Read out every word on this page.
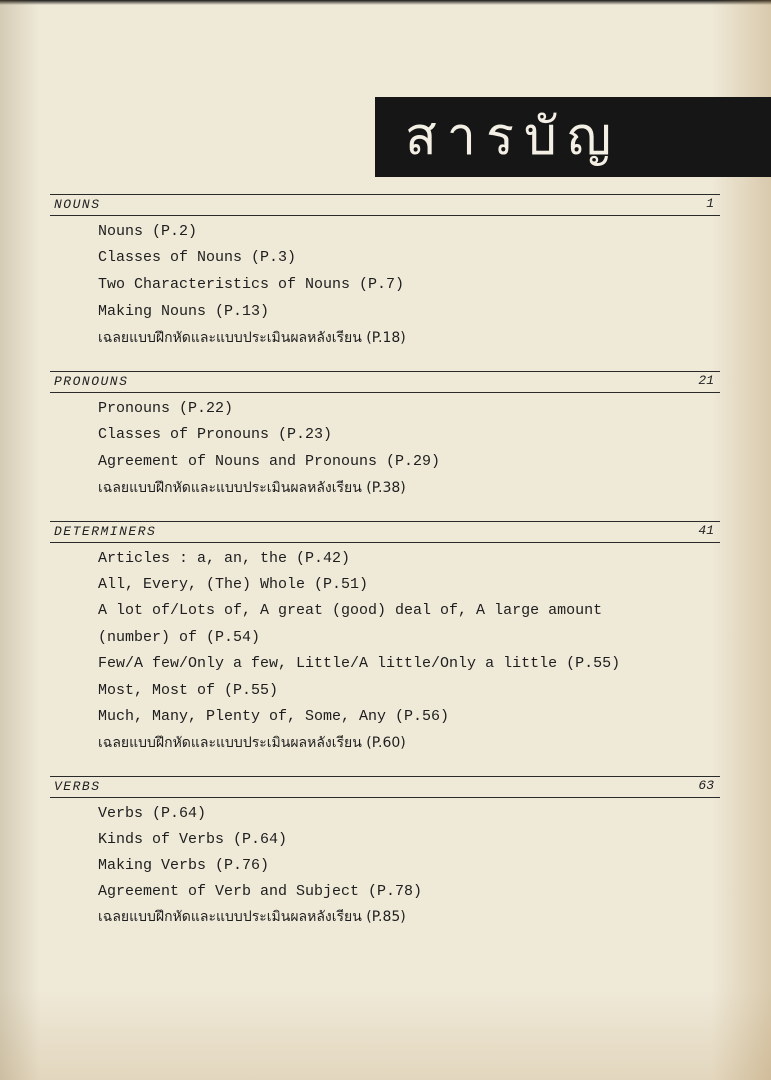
สารบัญ
NOUNS	1
Nouns (P.2)
Classes of Nouns (P.3)
Two Characteristics of Nouns (P.7)
Making Nouns (P.13)
เฉลยแบบฝึกหัดและแบบประเมินผลหลังเรียน (P.18)
PRONOUNS	21
Pronouns (P.22)
Classes of Pronouns (P.23)
Agreement of Nouns and Pronouns (P.29)
เฉลยแบบฝึกหัดและแบบประเมินผลหลังเรียน (P.38)
DETERMINERS	41
Articles : a, an, the (P.42)
All, Every, (The) Whole (P.51)
A lot of/Lots of, A great (good) deal of, A large amount
(number) of (P.54)
Few/A few/Only a few, Little/A little/Only a little (P.55)
Most, Most of (P.55)
Much, Many, Plenty of, Some, Any (P.56)
เฉลยแบบฝึกหัดและแบบประเมินผลหลังเรียน (P.60)
VERBS	63
Verbs (P.64)
Kinds of Verbs (P.64)
Making Verbs (P.76)
Agreement of Verb and Subject (P.78)
เฉลยแบบฝึกหัดและแบบประเมินผลหลังเรียน (P.85)
